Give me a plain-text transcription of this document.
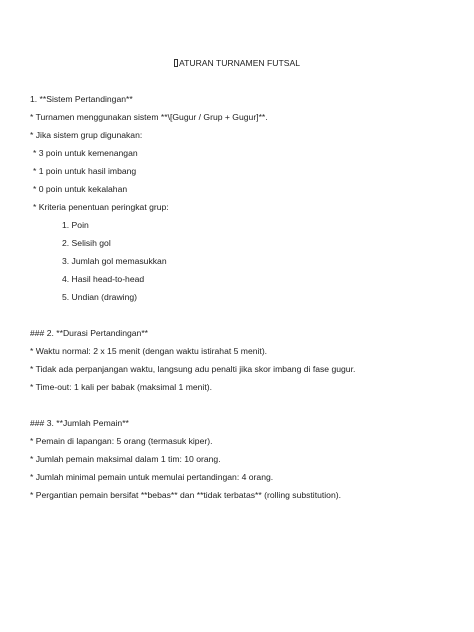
ATURAN TURNAMEN FUTSAL
1. **Sistem Pertandingan**
* Turnamen menggunakan sistem **\[Gugur / Grup + Gugur]**.
* Jika sistem grup digunakan:
* 3 poin untuk kemenangan
* 1 poin untuk hasil imbang
* 0 poin untuk kekalahan
* Kriteria penentuan peringkat grup:
1. Poin
2. Selisih gol
3. Jumlah gol memasukkan
4. Hasil head-to-head
5. Undian (drawing)
### 2. **Durasi Pertandingan**
* Waktu normal: 2 x 15 menit (dengan waktu istirahat 5 menit).
* Tidak ada perpanjangan waktu, langsung adu penalti jika skor imbang di fase gugur.
* Time-out: 1 kali per babak (maksimal 1 menit).
### 3. **Jumlah Pemain**
* Pemain di lapangan: 5 orang (termasuk kiper).
* Jumlah pemain maksimal dalam 1 tim: 10 orang.
* Jumlah minimal pemain untuk memulai pertandingan: 4 orang.
* Pergantian pemain bersifat **bebas** dan **tidak terbatas** (rolling substitution).
